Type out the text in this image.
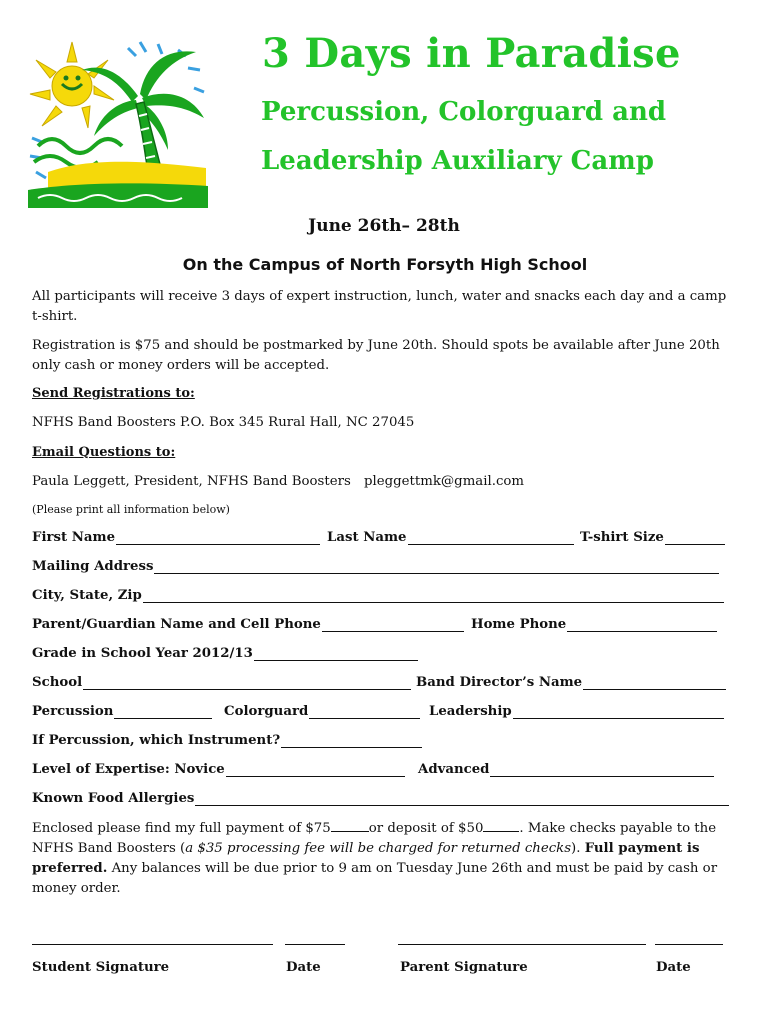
3 Days in Paradise
Percussion, Colorguard and
Leadership Auxiliary Camp
June 26th– 28th
On the Campus of North Forsyth High School
All participants will receive 3 days of expert instruction, lunch, water and snacks each day and a camp t-shirt.
Registration is $75 and should be postmarked by June 20th. Should spots be available after June 20th only cash or money orders will be accepted.
Send Registrations to:
NFHS Band Boosters P.O. Box 345 Rural Hall, NC 27045
Email Questions to:
Paula Leggett, President, NFHS Band Boosters pleggettmk@gmail.com
(Please print all information below)
First Name	Last Name	T-shirt Size
Mailing Address
City, State, Zip
Parent/Guardian Name and Cell Phone	Home Phone
Grade in School Year 2012/13
School	Band Director’s Name
Percussion	Colorguard	Leadership
If Percussion, which Instrument?
Level of Expertise: Novice	Advanced
Known Food Allergies
Enclosed please find my full payment of $75	or deposit of $50	. Make checks payable to the NFHS Band Boosters (a $35 processing fee will be charged for returned checks). Full payment is preferred. Any balances will be due prior to 9 am on Tuesday June 26th and must be paid by cash or money order.
Student Signature	Date	Parent Signature	Date
